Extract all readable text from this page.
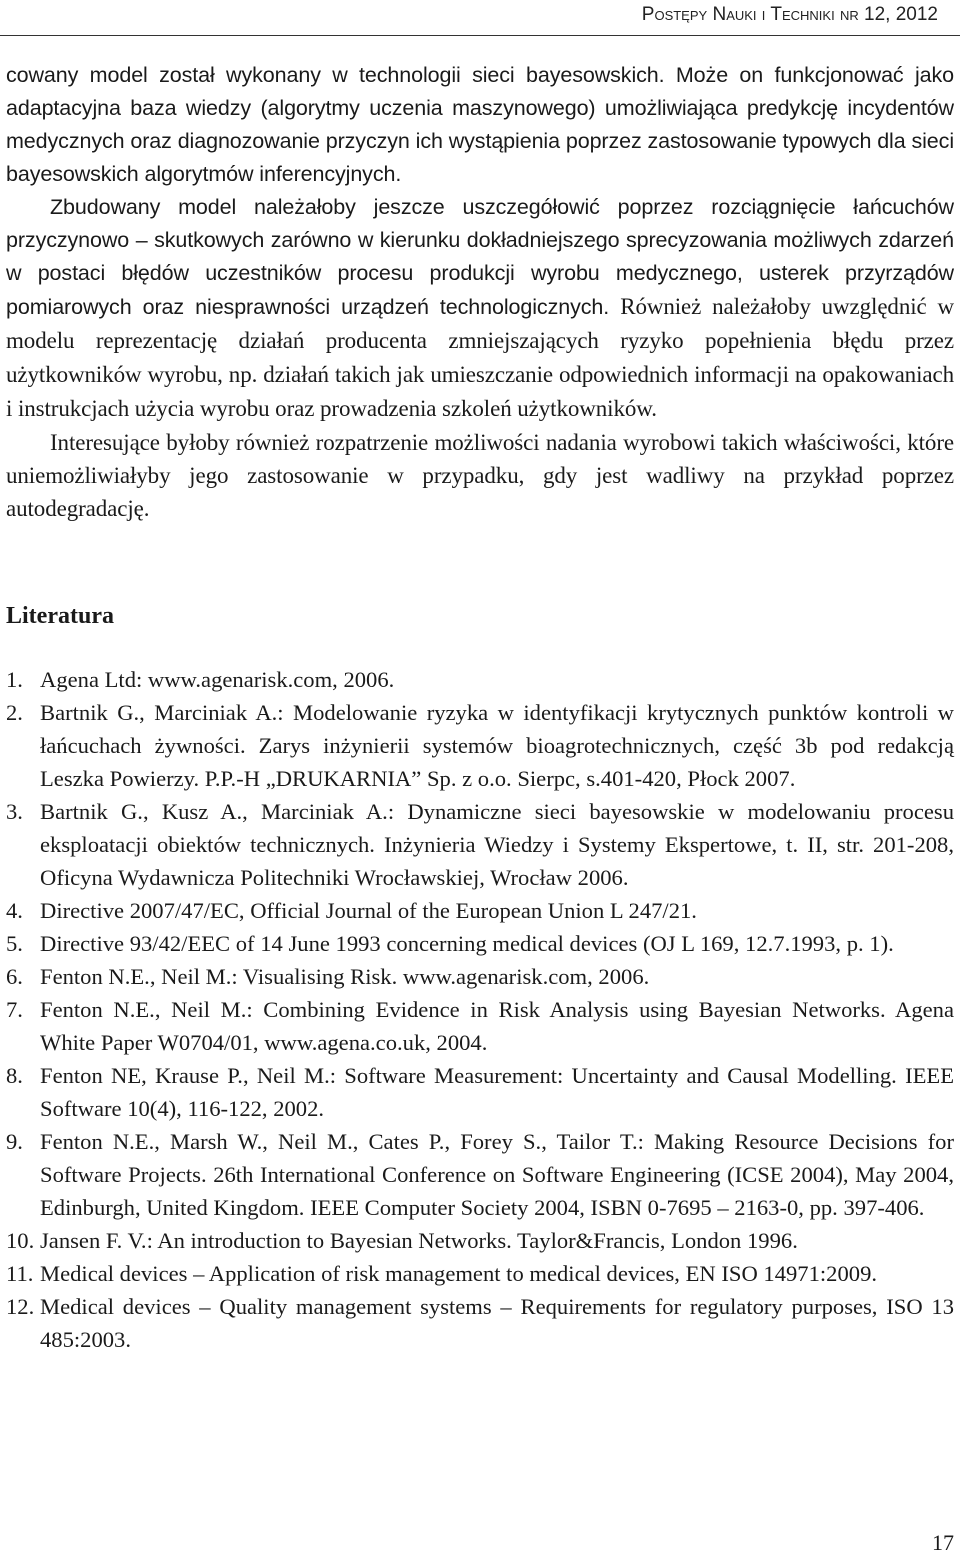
Postępy Nauki i Techniki nr 12, 2012

cowany model został wykonany w technologii sieci bayesowskich. Może on funkcjonować jako adaptacyjna baza wiedzy (algorytmy uczenia maszynowego) umożliwiająca predykcję incydentów medycznych oraz diagnozowanie przyczyn ich wystąpienia poprzez zastosowanie typowych dla sieci bayesowskich algorytmów inferencyjnych.

Zbudowany model należałoby jeszcze uszczegółowić poprzez rozciągnięcie łańcuchów przyczynowo – skutkowych zarówno w kierunku dokładniejszego sprecyzowania możliwych zdarzeń w postaci błędów uczestników procesu produkcji wyrobu medycznego, usterek przyrządów pomiarowych oraz niesprawności urządzeń technologicznych. Również należałoby uwzględnić w modelu reprezentację działań producenta zmniejszających ryzyko popełnienia błędu przez użytkowników wyrobu, np. działań takich jak umieszczanie odpowiednich informacji na opakowaniach i instrukcjach użycia wyrobu oraz prowadzenia szkoleń użytkowników.

Interesujące byłoby również rozpatrzenie możliwości nadania wyrobowi takich właściwości, które uniemożliwiałyby jego zastosowanie w przypadku, gdy jest wadliwy na przykład poprzez autodegradację.

Literatura
1. Agena Ltd: www.agenarisk.com, 2006.
2. Bartnik G., Marciniak A.: Modelowanie ryzyka w identyfikacji krytycznych punktów kontroli w łańcuchach żywności. Zarys inżynierii systemów bioagrotechnicznych, część 3b pod redakcją Leszka Powierzy. P.P.-H „DRUKARNIA” Sp. z o.o. Sierpc, s.401-420, Płock 2007.
3. Bartnik G., Kusz A., Marciniak A.: Dynamiczne sieci bayesowskie w modelowaniu procesu eksploatacji obiektów technicznych. Inżynieria Wiedzy i Systemy Ekspertowe, t. II, str. 201-208, Oficyna Wydawnicza Politechniki Wrocławskiej, Wrocław 2006.
4. Directive 2007/47/EC, Official Journal of the European Union L 247/21.
5. Directive 93/42/EEC of 14 June 1993 concerning medical devices (OJ L 169, 12.7.1993, p. 1).
6. Fenton N.E., Neil M.: Visualising Risk. www.agenarisk.com, 2006.
7. Fenton N.E., Neil M.: Combining Evidence in Risk Analysis using Bayesian Networks. Agena White Paper W0704/01, www.agena.co.uk, 2004.
8. Fenton NE, Krause P., Neil M.: Software Measurement: Uncertainty and Causal Modelling. IEEE Software 10(4), 116-122, 2002.
9. Fenton N.E., Marsh W., Neil M., Cates P., Forey S., Tailor T.: Making Resource Decisions for Software Projects. 26th International Conference on Software Engineering (ICSE 2004), May 2004, Edinburgh, United Kingdom. IEEE Computer Society 2004, ISBN 0-7695 – 2163-0, pp. 397-406.
10. Jansen F. V.: An introduction to Bayesian Networks. Taylor&Francis, London 1996.
11. Medical devices – Application of risk management to medical devices, EN ISO 14971:2009.
12. Medical devices – Quality management systems – Requirements for regulatory purposes, ISO 13 485:2003.
17
